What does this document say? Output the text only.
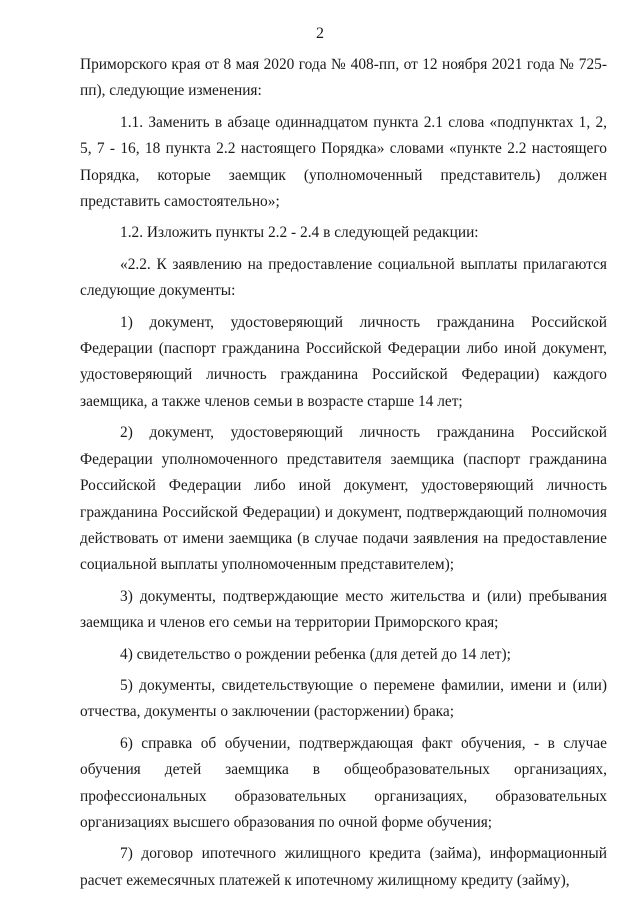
2

Приморского края от 8 мая 2020 года № 408-пп, от 12 ноября 2021 года № 725-пп), следующие изменения:

1.1. Заменить в абзаце одиннадцатом пункта 2.1 слова «подпунктах 1, 2, 5, 7 - 16, 18 пункта 2.2 настоящего Порядка» словами «пункте 2.2 настоящего Порядка, которые заемщик (уполномоченный представитель) должен представить самостоятельно»;

1.2. Изложить пункты 2.2 - 2.4 в следующей редакции:

«2.2. К заявлению на предоставление социальной выплаты прилагаются следующие документы:

1) документ, удостоверяющий личность гражданина Российской Федерации (паспорт гражданина Российской Федерации либо иной документ, удостоверяющий личность гражданина Российской Федерации) каждого заемщика, а также членов семьи в возрасте старше 14 лет;

2) документ, удостоверяющий личность гражданина Российской Федерации уполномоченного представителя заемщика (паспорт гражданина Российской Федерации либо иной документ, удостоверяющий личность гражданина Российской Федерации) и документ, подтверждающий полномочия действовать от имени заемщика (в случае подачи заявления на предоставление социальной выплаты уполномоченным представителем);

3) документы, подтверждающие место жительства и (или) пребывания заемщика и членов его семьи на территории Приморского края;

4) свидетельство о рождении ребенка (для детей до 14 лет);

5) документы, свидетельствующие о перемене фамилии, имени и (или) отчества, документы о заключении (расторжении) брака;

6) справка об обучении, подтверждающая факт обучения, - в случае обучения детей заемщика в общеобразовательных организациях, профессиональных образовательных организациях, образовательных организациях высшего образования по очной форме обучения;

7) договор ипотечного жилищного кредита (займа), информационный расчет ежемесячных платежей к ипотечному жилищному кредиту (займу),
